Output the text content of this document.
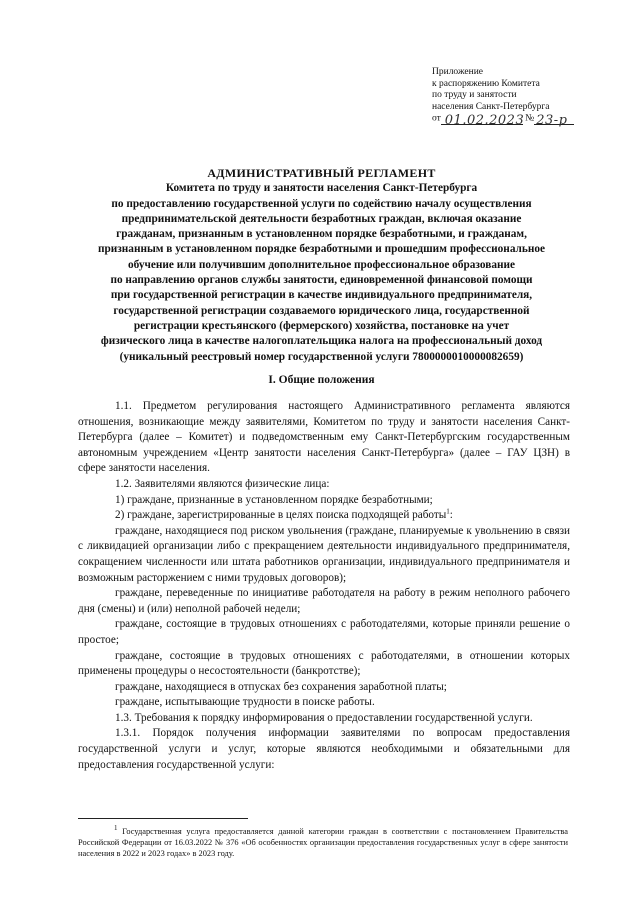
Приложение
к распоряжению Комитета
по труду и занятости
населения Санкт-Петербурга
от 01.02.2023 № 23-р
АДМИНИСТРАТИВНЫЙ РЕГЛАМЕНТ
Комитета по труду и занятости населения Санкт-Петербурга
по предоставлению государственной услуги по содействию началу осуществления
предпринимательской деятельности безработных граждан, включая оказание
гражданам, признанным в установленном порядке безработными, и гражданам,
признанным в установленном порядке безработными и прошедшим профессиональное
обучение или получившим дополнительное профессиональное образование
по направлению органов службы занятости, единовременной финансовой помощи
при государственной регистрации в качестве индивидуального предпринимателя,
государственной регистрации создаваемого юридического лица, государственной
регистрации крестьянского (фермерского) хозяйства, постановке на учет
физического лица в качестве налогоплательщика налога на профессиональный доход
(уникальный реестровый номер государственной услуги 7800000010000082659)
I. Общие положения

1.1. Предметом регулирования настоящего Административного регламента являются отношения, возникающие между заявителями, Комитетом по труду и занятости населения Санкт-Петербурга (далее – Комитет) и подведомственным ему Санкт-Петербургским государственным автономным учреждением «Центр занятости населения Санкт-Петербурга» (далее – ГАУ ЦЗН) в сфере занятости населения.

1.2. Заявителями являются физические лица:

1) граждане, признанные в установленном порядке безработными;

2) граждане, зарегистрированные в целях поиска подходящей работы$^1$:

граждане, находящиеся под риском увольнения (граждане, планируемые к увольнению в связи с ликвидацией организации либо с прекращением деятельности индивидуального предпринимателя, сокращением численности или штата работников организации, индивидуального предпринимателя и возможным расторжением с ними трудовых договоров);

граждане, переведенные по инициативе работодателя на работу в режим неполного рабочего дня (смены) и (или) неполной рабочей недели;

граждане, состоящие в трудовых отношениях с работодателями, которые приняли решение о простое;

граждане, состоящие в трудовых отношениях с работодателями, в отношении которых применены процедуры о несостоятельности (банкротстве);

граждане, находящиеся в отпусках без сохранения заработной платы;

граждане, испытывающие трудности в поиске работы.

1.3. Требования к порядку информирования о предоставлении государственной услуги.

1.3.1. Порядок получения информации заявителями по вопросам предоставления государственной услуги и услуг, которые являются необходимыми и обязательными для предоставления государственной услуги:

$^1$ Государственная услуга предоставляется данной категории граждан в соответствии с постановлением Правительства Российской Федерации от 16.03.2022 № 376 «Об особенностях организации предоставления государственных услуг в сфере занятости населения в 2022 и 2023 годах» в 2023 году.
